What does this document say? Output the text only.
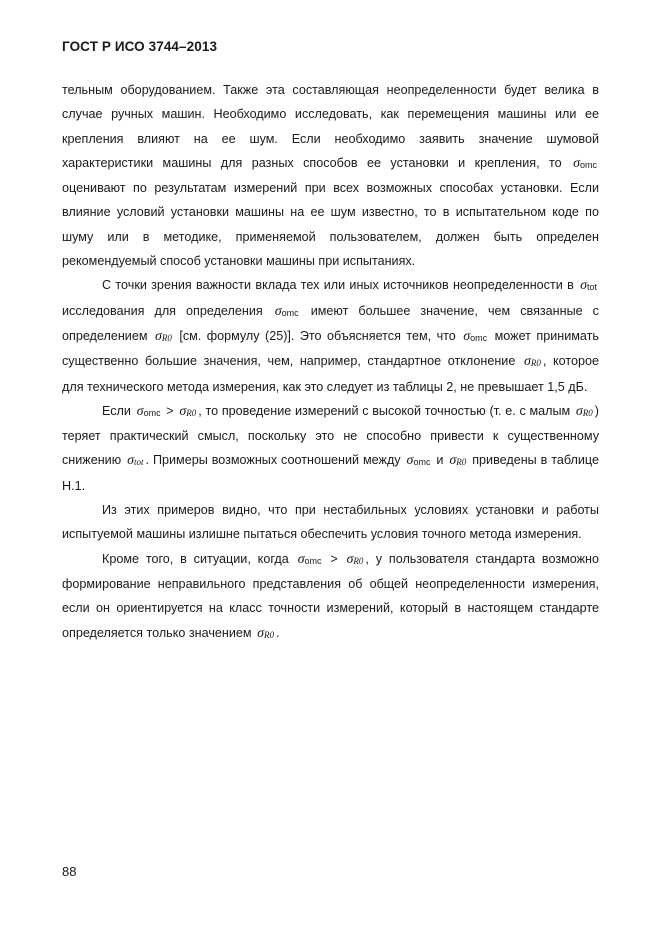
ГОСТ Р ИСО 3744–2013

тельным оборудованием. Также эта составляющая неопределенности будет велика в случае ручных машин. Необходимо исследовать, как перемещения машины или ее крепления влияют на ее шум. Если необходимо заявить значение шумовой характеристики машины для разных способов ее установки и крепления, то $\sigma_{omc}$ оценивают по результатам измерений при всех возможных способах установки. Если влияние условий установки машины на ее шум известно, то в испытательном коде по шуму или в методике, применяемой пользователем, должен быть определен рекомендуемый способ установки машины при испытаниях.

С точки зрения важности вклада тех или иных источников неопределенности в $\sigma_{tot}$ исследования для определения $\sigma_{omc}$ имеют большее значение, чем связанные с определением $\sigma_{R0}$ [см. формулу (25)]. Это объясняется тем, что $\sigma_{omc}$ может принимать существенно большие значения, чем, например, стандартное отклонение $\sigma_{R0}$ , которое для технического метода измерения, как это следует из таблицы 2, не превышает 1,5 дБ.

Если $\sigma_{omc} > \sigma_{R0}$ , то проведение измерений с высокой точностью (т. е. с малым $\sigma_{R0}$ ) теряет практический смысл, поскольку это не способно привести к существенному снижению $\sigma_{tot}$ . Примеры возможных соотношений между $\sigma_{omc}$ и $\sigma_{R0}$ приведены в таблице Н.1.

Из этих примеров видно, что при нестабильных условиях установки и работы испытуемой машины излишне пытаться обеспечить условия точного метода измерения.

Кроме того, в ситуации, когда $\sigma_{omc} > \sigma_{R0}$ , у пользователя стандарта возможно формирование неправильного представления об общей неопределенности измерения, если он ориентируется на класс точности измерений, который в настоящем стандарте определяется только значением $\sigma_{R0}$ .

88
